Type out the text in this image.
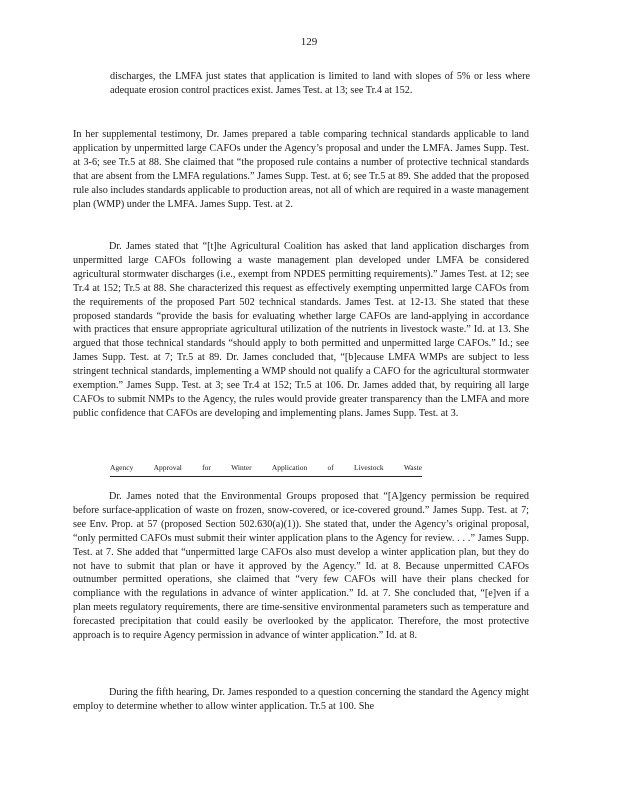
129

discharges, the LMFA just states that application is limited to land with slopes of 5% or less where adequate erosion control practices exist. James Test. at 13; see Tr.4 at 152.

In her supplemental testimony, Dr. James prepared a table comparing technical standards applicable to land application by unpermitted large CAFOs under the Agency’s proposal and under the LMFA. James Supp. Test. at 3-6; see Tr.5 at 88. She claimed that “the proposed rule contains a number of protective technical standards that are absent from the LMFA regulations.” James Supp. Test. at 6; see Tr.5 at 89. She added that the proposed rule also includes standards applicable to production areas, not all of which are required in a waste management plan (WMP) under the LMFA. James Supp. Test. at 2.

Dr. James stated that “[t]he Agricultural Coalition has asked that land application discharges from unpermitted large CAFOs following a waste management plan developed under LMFA be considered agricultural stormwater discharges (i.e., exempt from NPDES permitting requirements).” James Test. at 12; see Tr.4 at 152; Tr.5 at 88. She characterized this request as effectively exempting unpermitted large CAFOs from the requirements of the proposed Part 502 technical standards. James Test. at 12-13. She stated that these proposed standards “provide the basis for evaluating whether large CAFOs are land-applying in accordance with practices that ensure appropriate agricultural utilization of the nutrients in livestock waste.” Id. at 13. She argued that those technical standards “should apply to both permitted and unpermitted large CAFOs.” Id.; see James Supp. Test. at 7; Tr.5 at 89. Dr. James concluded that, “[b]ecause LMFA WMPs are subject to less stringent technical standards, implementing a WMP should not qualify a CAFO for the agricultural stormwater exemption.” James Supp. Test. at 3; see Tr.4 at 152; Tr.5 at 106. Dr. James added that, by requiring all large CAFOs to submit NMPs to the Agency, the rules would provide greater transparency than the LMFA and more public confidence that CAFOs are developing and implementing plans. James Supp. Test. at 3.

Agency	Approval	for	Winter	Application	of	Livestock	Waste

Dr. James noted that the Environmental Groups proposed that “[A]gency permission be required before surface-application of waste on frozen, snow-covered, or ice-covered ground.” James Supp. Test. at 7; see Env. Prop. at 57 (proposed Section 502.630(a)(1)). She stated that, under the Agency’s original proposal, “only permitted CAFOs must submit their winter application plans to the Agency for review. . . .” James Supp. Test. at 7. She added that “unpermitted large CAFOs also must develop a winter application plan, but they do not have to submit that plan or have it approved by the Agency.” Id. at 8. Because unpermitted CAFOs outnumber permitted operations, she claimed that “very few CAFOs will have their plans checked for compliance with the regulations in advance of winter application.” Id. at 7. She concluded that, “[e]ven if a plan meets regulatory requirements, there are time-sensitive environmental parameters such as temperature and forecasted precipitation that could easily be overlooked by the applicator. Therefore, the most protective approach is to require Agency permission in advance of winter application.” Id. at 8.

During the fifth hearing, Dr. James responded to a question concerning the standard the Agency might employ to determine whether to allow winter application. Tr.5 at 100. She
